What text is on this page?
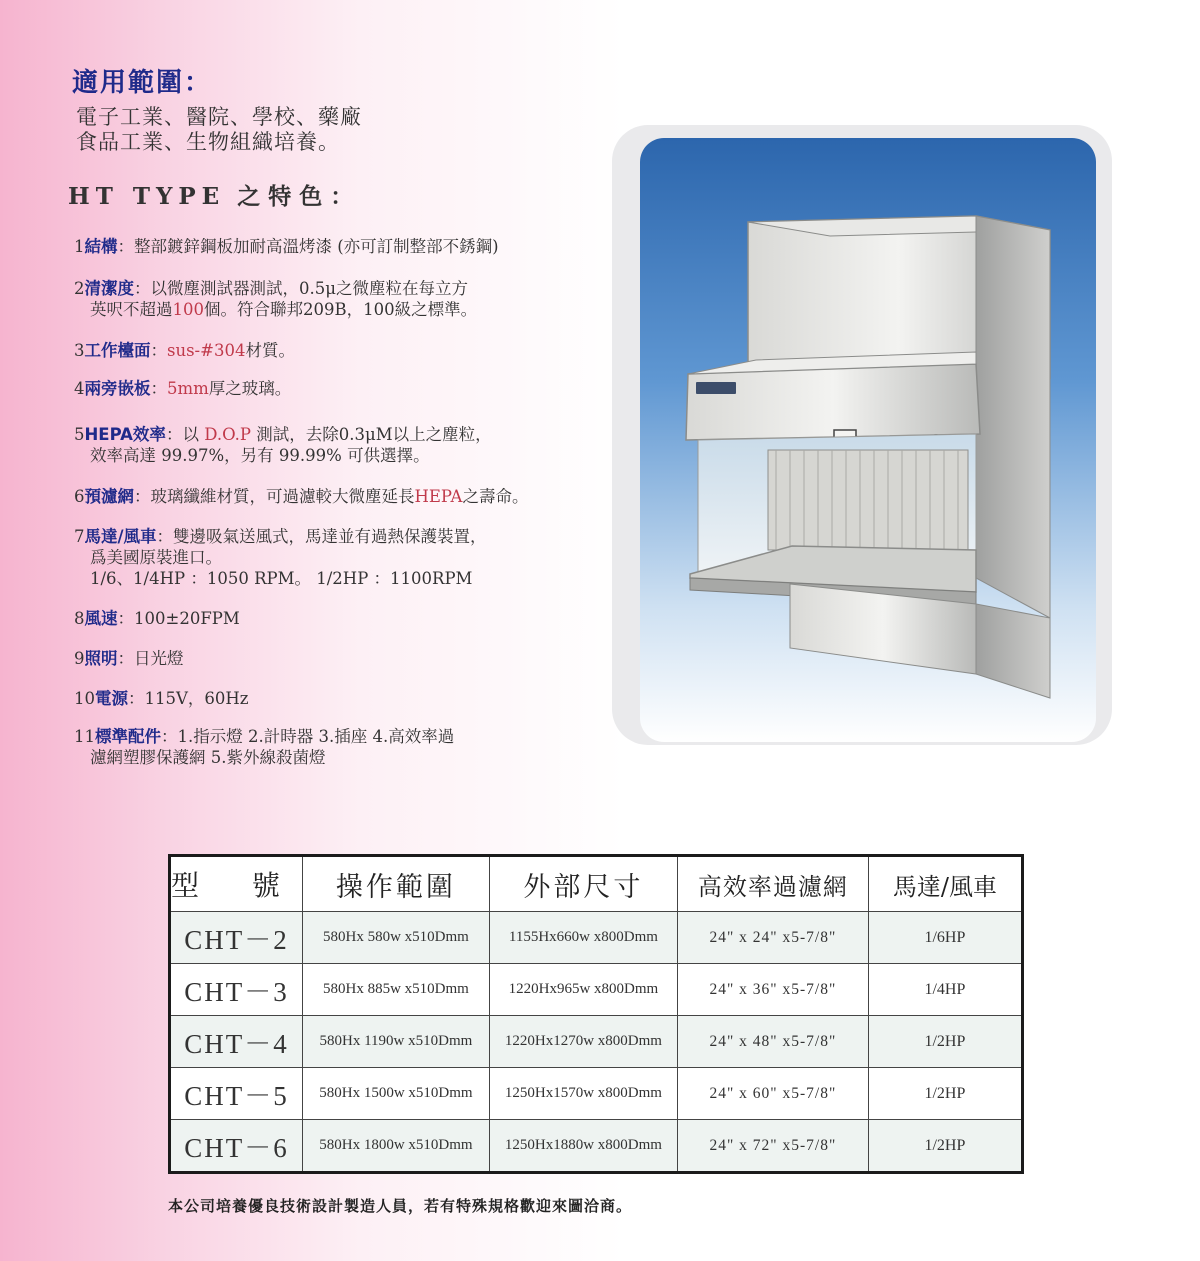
適用範圍：
電子工業、醫院、學校、藥廠
食品工業、生物組織培養。
HT TYPE 之特色：
1結構：整部鍍鋅鋼板加耐高溫烤漆 (亦可訂制整部不銹鋼)
2清潔度：以微塵測試器測試，0.5μ之微塵粒在每立方
英呎不超過100個。符合聯邦209B，100級之標準。
3工作檯面：sus-#304材質。
4兩旁嵌板：5mm厚之玻璃。
5HEPA效率：以 D.O.P 測試，去除0.3μM以上之塵粒，
效率高達 99.97%，另有 99.99% 可供選擇。
6預濾網：玻璃纖維材質，可過濾較大微塵延長HEPA之壽命。
7馬達/風車：雙邊吸氣送風式，馬達並有過熱保護裝置，
爲美國原裝進口。
1/6、1/4HP ：1050 RPM。 1/2HP ：1100RPM
8風速：100±20FPM
9照明：日光燈
10電源：115V，60Hz
11標準配件：1.指示燈 2.計時器 3.插座 4.高效率過
濾網塑膠保護網 5.紫外線殺菌燈
型 號	操作範圍	外部尺寸	高效率過濾網	馬達/風車
CHT－2	580Hx 580w x510Dmm	1155Hx660w x800Dmm	24" x 24" x5-7/8"	1/6HP
CHT－3	580Hx 885w x510Dmm	1220Hx965w x800Dmm	24" x 36" x5-7/8"	1/4HP
CHT－4	580Hx 1190w x510Dmm	1220Hx1270w x800Dmm	24" x 48" x5-7/8"	1/2HP
CHT－5	580Hx 1500w x510Dmm	1250Hx1570w x800Dmm	24" x 60" x5-7/8"	1/2HP
CHT－6	580Hx 1800w x510Dmm	1250Hx1880w x800Dmm	24" x 72" x5-7/8"	1/2HP
本公司培養優良技術設計製造人員，若有特殊規格歡迎來圖洽商。
